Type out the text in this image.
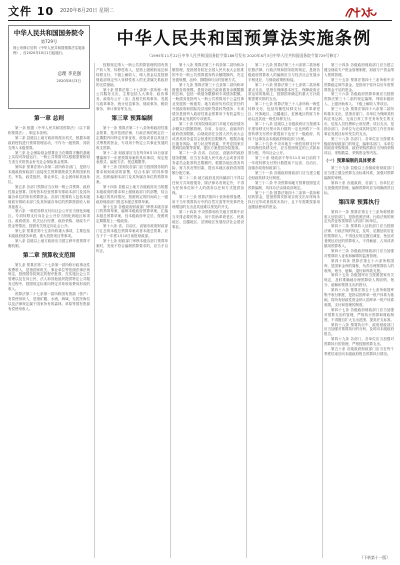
文件 10 2020年8月20日 星期二
中华人民共和国国务院令
第729号
现公布修订后的《中华人民共和国预算法实施条例》，自2020年10月1日起施行。
总理 李克强
2020年8月3日
中华人民共和国预算法实施条例
（1995年11月22日中华人民共和国国务院令第186号发布 2020年8月3日中华人民共和国国务院令第729号修订）
第一章 总则
第一条 根据《中华人民共和国预算法》（以下简称预算法），制定本条例。
第二条 县级以上地方政府的派出机关，根据本级政府授权进行预算管理活动，不作为一级预算，其收支纳入本级预算。
第三条 社会保险基金预算应当在精算平衡的基础上实现可持续运行，一般公共预算可以根据需要和财力适当安排资金补充社会保险基金预算。
第四条 预算法第六条第二款所称各部门，是指与本级政府财政部门直接发生预算缴拨款关系的国家机关、军队、政党组织、事业单位、社会团体和其他单位。
第五条 各部门预算应当反映一般公共预算、政府性基金预算、国有资本经营预算安排给本部门及其所属各单位的所有预算资金。各部门预算收入包括本级财政安排给本部门及其所属各单位的预算拨款收入和其他收入。
第六条 一般性转移支付向社会公开应当细化到地区。专项转移支付向社会公开应当细化到地区和项目。政府债务、机关运行经费、政府采购、财政专户资金等情况，按照有关规定向社会公开。
第七条 预算法第十五条所称重大事项，主要包括本级政府债务举借、重大投资项目等事项。
第八条 县级以上地方政府应当建立跨年度预算平衡机制。
第二章 预算收支范围
第九条 预算法第二十七条第一款所称行政事业性收费收入，是指国家机关、事业单位等依照法律法规规定，按照国务院规定的程序批准，在实施社会公共管理以及在向公民、法人和其他组织提供特定公共服务过程中，按照规定标准向特定对象收取费用形成的收入。
预算法第二十七条第一款所称国有资源（资产）有偿使用收入，是指矿藏、水流、海域、无居民海岛以及法律规定属于国家所有的森林、草原等国有资源有偿使用收入。
按照规定纳入一般公共预算管理的国有资产收入等，转移性收入，是指上级税收返还和转移支付、下级上解收入、调入资金以及按照财政部规定列入转移性收入的无隶属关系政府的无偿援助。
第十条 预算法第二十七条第一款所称一般公共服务支出，主要包括人大事务、政协事务、政府办公厅（室）及相关机构事务、发展与改革事务、统计信息事务、财政事务、税收事务、审计事务等支出。
第三章 预算编制
第十一条 预算法第二十八条所称政府性基金预算，是对依照法律、行政法规的规定在一定期限内向特定对象征收、收取或者以其他方式筹集的资金，专项用于特定公共事业发展的收支预算。
第十二条 财政部应当在每年6月15日前部署编制下一年度预算草案的具体事项，规定报表格式、编报方法、报送期限等。
第十三条 国务院各部门应当按照国务院的要求和财政部的部署，结合本部门的具体情况，组织编制本部门及其所属各单位的预算草案。
第十四条 县级以上地方各级政府应当根据本级政府的要求和上级财政部门的部署，结合本地区的具体情况，按照规定的时间向上一级政府财政部门报送本级总预算草案。
第十五条 各级政府财政部门审核本级各部门的预算草案，编制本级政府预算草案，汇编本级总预算草案，经本级政府审定后，按照规定期限报上一级政府。
第十六条 省、自治区、直辖市政府财政部门汇总的本级总预算草案或者本级总预算，应当于下一年度1月10日前报财政部。
第十七条 财政部门审核本级各部门预算草案时，发现不符合编制预算要求的，应当予以纠正。
第十八条 预算法第三十四条第二款所称余额管理，是指国务院在全国人民代表大会批准的中央一般公共预算债务的余额限额内，决定发债规模、品种、期限和时点的管理方式。
第十九条 预算法第三十五条第二款所称举借债务的规模，是指各地方政府债务余额限额的总和，包括一般债务限额和专项债务限额。一般债务是指列入一般公共预算用于公益性事业发展的一般债券、地方政府负有偿还责任的外国政府和国际经济组织贷款转贷债务；专项债务是指列入政府性基金预算用于有收益的公益性事业发展的专项债券。
第二十条 国务院财政部门对地方政府债务余额实行限额管理。各省、自治区、直辖市的政府债务限额，由财政部在全国人民代表大会或者其常务委员会批准的总限额内，根据各地区债务风险、财力状况等因素，并考虑国家宏观调控政策等需要，提出方案报国务院批准。
第二十一条 各省、自治区、直辖市的政府债务限额，应当在本级人民代表大会或者其常务委员会批准的总限额内，根据各地区债务风险、财力状况等因素，提出本地区政府债务限额分配方案。
第二十二条 地方政府及其所属部门不得以任何方式举借债务，除法律另有规定外，不得为任何单位和个人的债务以任何方式提供担保。
第二十三条 预算法第四十条所称预备费，用于当年预算执行中的自然灾害等突发事件处理增加的支出及其他难以预见的开支。
第二十四条 中央预算和有关地方预算中应当安排必要的资金，用于扶助革命老区、民族地区、边疆地区、贫困地区发展经济社会建设事业。
第二十五条 预算法第三十六条第二款所称依照法律、行政法规和国务院的规定，是指各级政府预算收入的编制应当与经济社会发展水平相适应，与财政政策相衔接。
第二十六条 预算法第三十七条第二款所称重点支出，是指在保障基本民生、保障政府正常运转的基础上，按照国家确定的重大方针政策需要安排的支出。
第二十七条 预算法第三十八条所称一般性转移支付，包括均衡性转移支付、对革命老区、民族地区、边疆地区、贫困地区的财力补助以及其他一般性转移支付。
第二十八条 县级以上各级政府应当按照本年度转移支付预计执行数的一定比例将下一年度转移支付预计数提前下达至下一级政府，具体下达事宜由本级政府财政部门办理。
第二十九条 中央对地方一般性转移支付中的均衡性转移支付，应当按照规定的公式和标准分配，并向社会公开。
第三十条 财政部于每年11月10日前将下一年度转移支付预计数提前下达省、自治区、直辖市政府财政部门。
第三十一条 各级政府财政部门应当建立健全财政转移支付制度。
第三十二条 中央预算和地方预算按照复式预算编制，具体办法由财政部规定。
第三十三条 预算法第四十二条第一款所称结转资金，是指预算安排项目的支出年终尚未执行完毕或者因故未执行，且下年需要按原用途继续使用的资金。
第三十四条 各级政府财政部门应当建立健全财政专户资金管理制度，财政专户资金纳入预算管理。
第三十五条 预算法第四十三条所称中央预算稳定调节基金，是指用于弥补以后年度预算资金不足的资金。
第三十六条 各级政府预算草案应当按照预算法第三十二条的规定编制，列明本级收入、上级补助收入、下级上解收入等项目。
第三十七条 预算法第四十六条第二款所称基本支出，是指各部门、各单位为保障其机构正常运转、完成日常工作任务所发生的支出，包括人员经费和公用经费；项目支出，是指各部门、各单位为完成其特定的工作任务和事业发展目标所发生的支出。
第三十八条 各部门、各单位应当按照本级政府财政部门的规定，编制本部门、本单位的政府采购预算，政府采购预算应当列明采购项目、采购数量、采购资金等内容。
（一）预算编制的具体要求
第三十九条 县级以上各级政府财政部门应当建立健全预算支出标准体系，加强对预算编制的审核。
第四十条 各级政府、各部门、各单位应当加强绩效管理，编制预算时应当明确绩效目标。
第四章 预算执行
第四十一条 预算法第五十三条所称预算收入征收部门，是指依照法律、行政法规的规定负责征收预算收入的部门和单位。
第四十二条 预算收入征收部门应当按照法律、行政法规的规定，及时、足额征收应征的预算收入，不得违反规定擅自减征、免征或者缓征应征的预算收入，不得截留、占用或者挪用预算收入。
第四十三条 各级政府财政部门应当加强对预算收入征收和解缴的监督管理。
第四十四条 预算法第五十六条所称国库，是国家金库的简称，负责办理预算收入的收纳、划分、留解、退付和库款支拨。
第四十五条 各级国库应当按照国家有关规定，及时准确地办理预算收入的收纳、划分、留解和预算支出的拨付。
第四十六条 预算法第五十七条所称国库集中收付制度，是指以国库单一账户体系为基础，将所有财政性资金纳入国库单一账户体系收缴、支付和管理的制度。
第四十七条 各级政府财政部门应当加强对预算支出的管理，严格执行预算和财政制度，不得擅自扩大支出范围、提高开支标准。
第四十八条 预算执行中，政府财政部门应当加强对预算执行的分析，及时向本级政府报告。
第四十九条 各部门、各单位应当加强对预算执行的管理，严格按照预算支出。
第五十条 各级政府财政部门应当在每个季度结束后向本级政府报告预算执行情况。
（下转第十一版）
